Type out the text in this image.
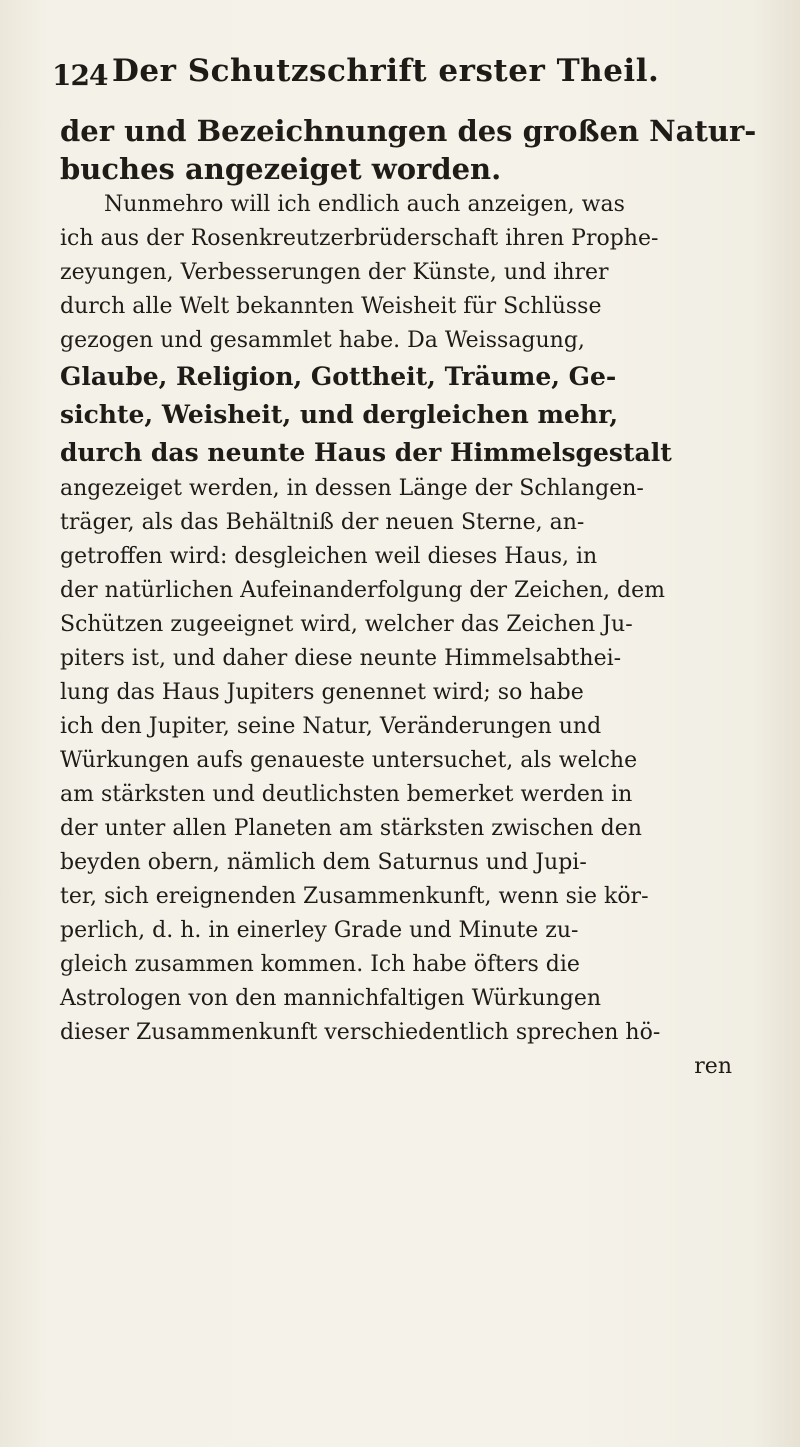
124 Der Schutzschrift erster Theil.
der und Bezeichnungen des großen Natur-
buches angezeiget worden.
Nunmehro will ich endlich auch anzeigen, was
ich aus der Rosenkreutzerbrüderschaft ihren Prophe-
zeyungen, Verbesserungen der Künste, und ihrer
durch alle Welt bekannten Weisheit für Schlüsse
gezogen und gesammlet habe. Da Weissagung,
Glaube, Religion, Gottheit, Träume, Ge-
sichte, Weisheit, und dergleichen mehr,
durch das neunte Haus der Himmelsgestalt
angezeiget werden, in dessen Länge der Schlangen-
träger, als das Behältniß der neuen Sterne, an-
getroffen wird: desgleichen weil dieses Haus, in
der natürlichen Aufeinanderfolgung der Zeichen, dem
Schützen zugeeignet wird, welcher das Zeichen Ju-
piters ist, und daher diese neunte Himmelsabthei-
lung das Haus Jupiters genennet wird; so habe
ich den Jupiter, seine Natur, Veränderungen und
Würkungen aufs genaueste untersuchet, als welche
am stärksten und deutlichsten bemerket werden in
der unter allen Planeten am stärksten zwischen den
beyden obern, nämlich dem Saturnus und Jupi-
ter, sich ereignenden Zusammenkunft, wenn sie kör-
perlich, d. h. in einerley Grade und Minute zu-
gleich zusammen kommen. Ich habe öfters die
Astrologen von den mannichfaltigen Würkungen
dieser Zusammenkunft verschiedentlich sprechen hö-
ren
